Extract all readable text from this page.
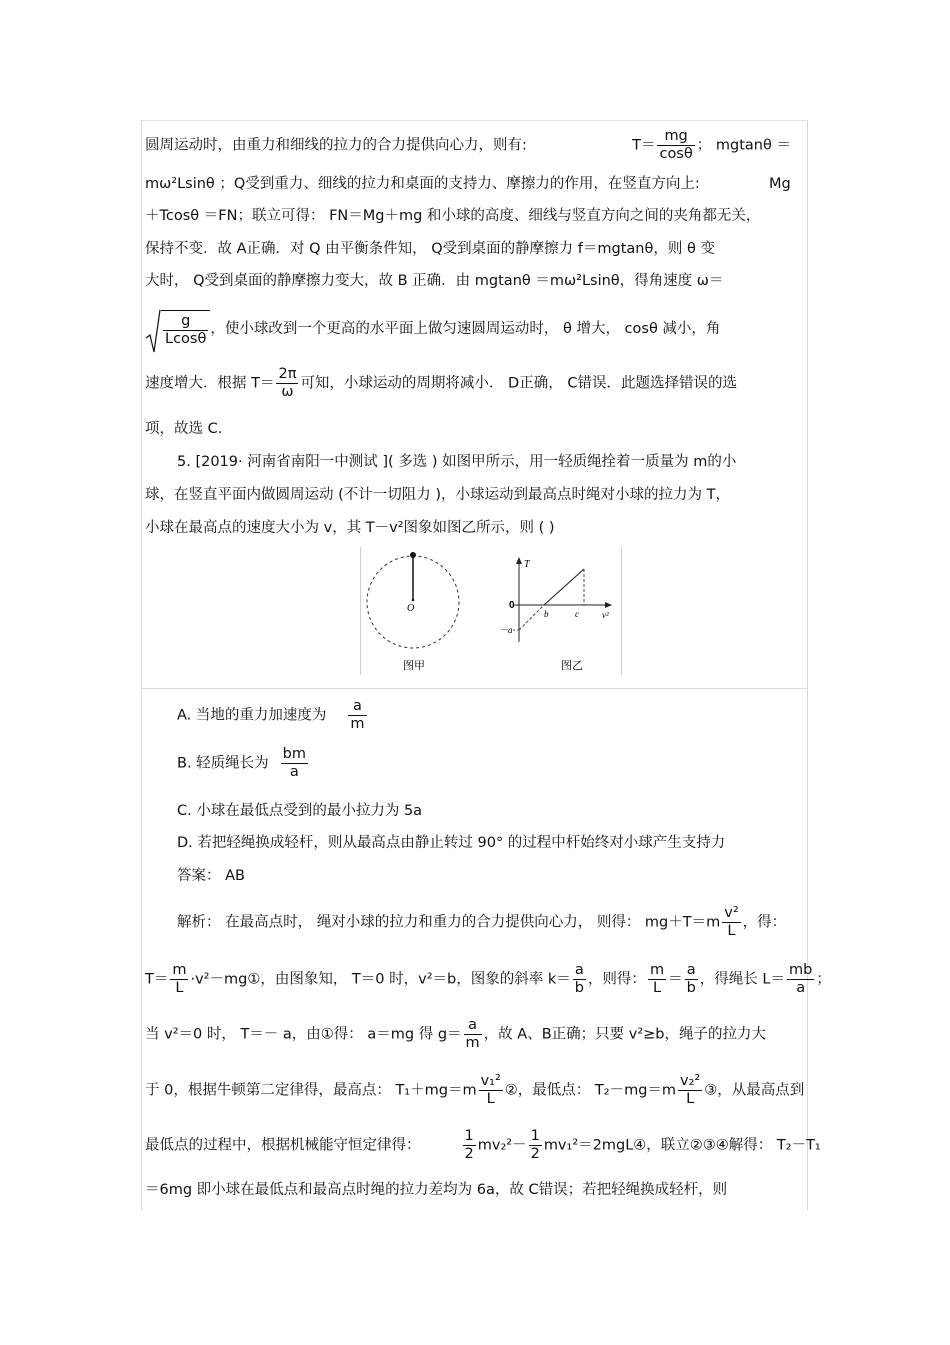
圆周运动时，由重力和细线的拉力的合力提供向心力，则有:	$T= \frac{mg}{\cos\theta}$ ； mgtanθ ＝
mω²Lsinθ ；Q受到重力、细线的拉力和桌面的支持力、摩擦力的作用，在竖直方向上:	Mg
＋Tcosθ ＝FN；联立可得： FN＝Mg＋mg 和小球的高度、细线与竖直方向之间的夹角都无关，
保持不变．故 A正确．对 Q 由平衡条件知， Q受到桌面的静摩擦力 f＝mgtanθ，则 θ 变
大时， Q受到桌面的静摩擦力变大，故 B 正确．由 mgtanθ ＝mω²Lsinθ，得角速度 ω＝
$\frac{g}{Lcos\theta}$ ，使小球改到一个更高的水平面上做匀速圆周运动时， θ 增大， cosθ 减小，角
速度增大．根据 $T= \frac{2\pi}{\omega}$ 可知，小球运动的周期将减小． D正确， C错误．此题选择错误的选
项，故选 C.
5. [2019· 河南省南阳一中测试 ]( 多选 ) 如图甲所示，用一轻质绳拴着一质量为 m的小
球，在竖直平面内做圆周运动 (不计一切阻力 )，小球运动到最高点时绳对小球的拉力为 T，
小球在最高点的速度大小为 v，其 T－v²图象如图乙所示，则 ( )
O
图甲
T
v²
0
－a
b	c
图乙
A. 当地的重力加速度为 $\frac{a}{m}$
B. 轻质绳长为 $\frac{bm}{a}$
C. 小球在最低点受到的最小拉力为 5a
D. 若把轻绳换成轻杆，则从最高点由静止转过 90° 的过程中杆始终对小球产生支持力
答案： AB
解析： 在最高点时， 绳对小球的拉力和重力的合力提供向心力， 则得： $mg+T=m \frac{\text{v²}}{L}$ ，得：
$T= \frac{m}{L}$ ·v²－mg①，由图象知， T＝0 时，v²＝b，图象的斜率 $k= \frac{a}{b}$ ，则得： $\frac{m}{L} = \frac{a}{b}$ ，得绳长 $L= \frac{mb}{a}$ ；
当 v²＝0 时， T＝－ a，由①得： a＝mg 得 $g= \frac{a}{m}$ ，故 A、B正确；只要 v²≥b，绳子的拉力大
于 0，根据牛顿第二定律得，最高点： $T_1+mg=m \frac{\text{v₁²}}{L}$ ②，最低点： $T_2-mg=m \frac{\text{v₂²}}{L}$ ③，从最高点到
最低点的过程中，根据机械能守恒定律得：	$\frac{1}{2} mv_2^2- \frac{1}{2}$ mv₁²＝2mgL④，联立②③④解得： T₂－T₁
＝6mg 即小球在最低点和最高点时绳的拉力差均为 6a，故 C错误；若把轻绳换成轻杆，则
